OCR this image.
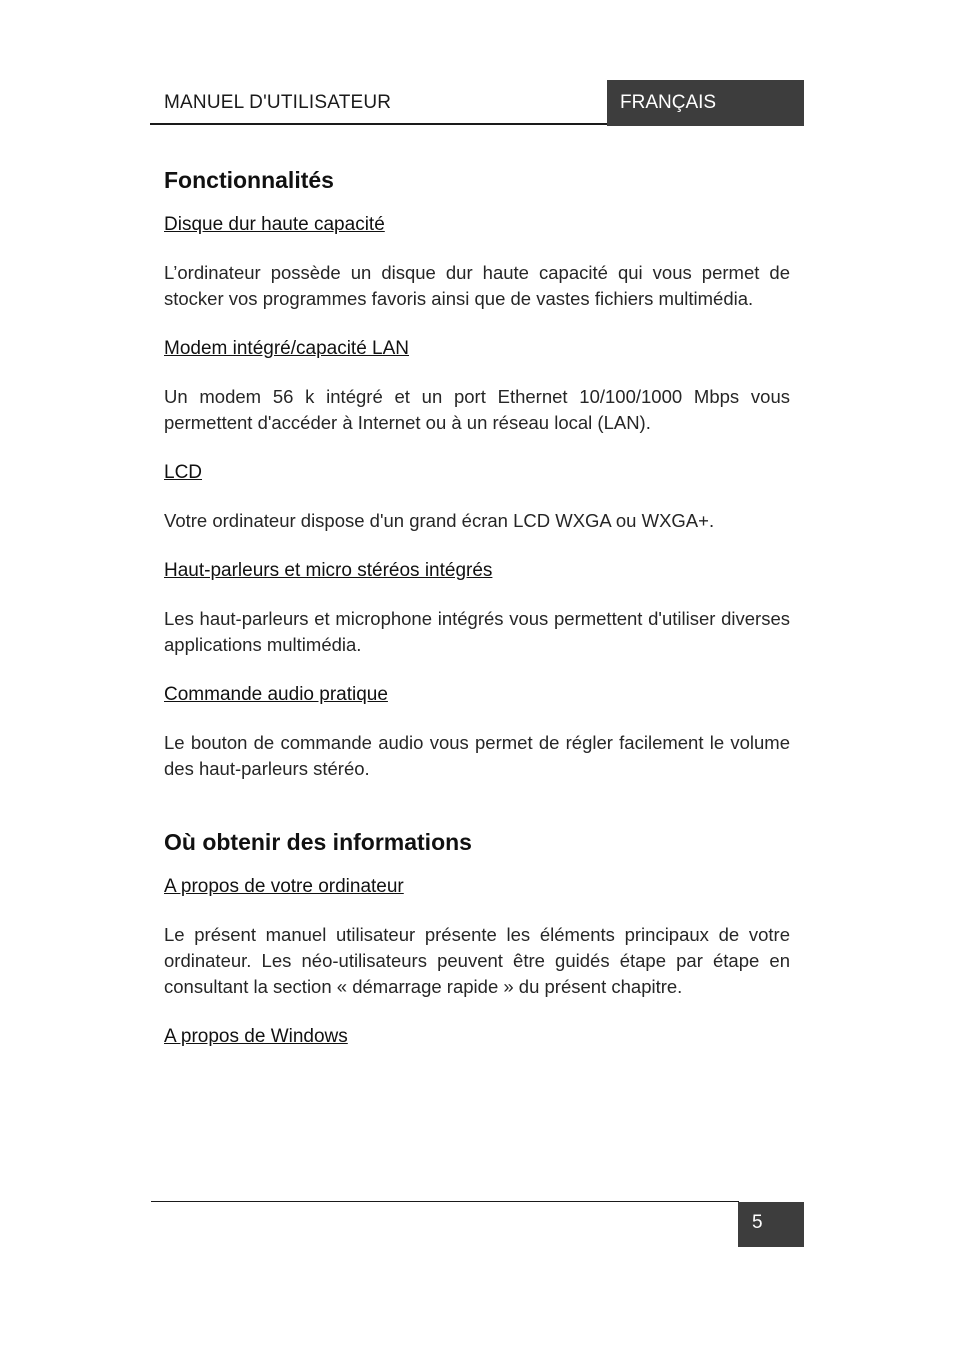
MANUEL D'UTILISATEUR	FRANÇAIS
Fonctionnalités
Disque dur haute capacité

L’ordinateur possède un disque dur haute capacité qui vous permet de stocker vos programmes favoris ainsi que de vastes fichiers multimédia.

Modem intégré/capacité LAN

Un modem 56 k intégré et un port Ethernet 10/100/1000 Mbps vous permettent d'accéder à Internet ou à un réseau local (LAN).

LCD

Votre ordinateur dispose d'un grand écran LCD WXGA ou WXGA+.

Haut-parleurs et micro stéréos intégrés

Les haut-parleurs et microphone intégrés vous permettent d'utiliser diverses applications multimédia.

Commande audio pratique

Le bouton de commande audio vous permet de régler facilement le volume des haut-parleurs stéréo.

Où obtenir des informations
A propos de votre ordinateur

Le présent manuel utilisateur présente les éléments principaux de votre ordinateur. Les néo-utilisateurs peuvent être guidés étape par étape en consultant la section « démarrage rapide » du présent chapitre.

A propos de Windows
5
